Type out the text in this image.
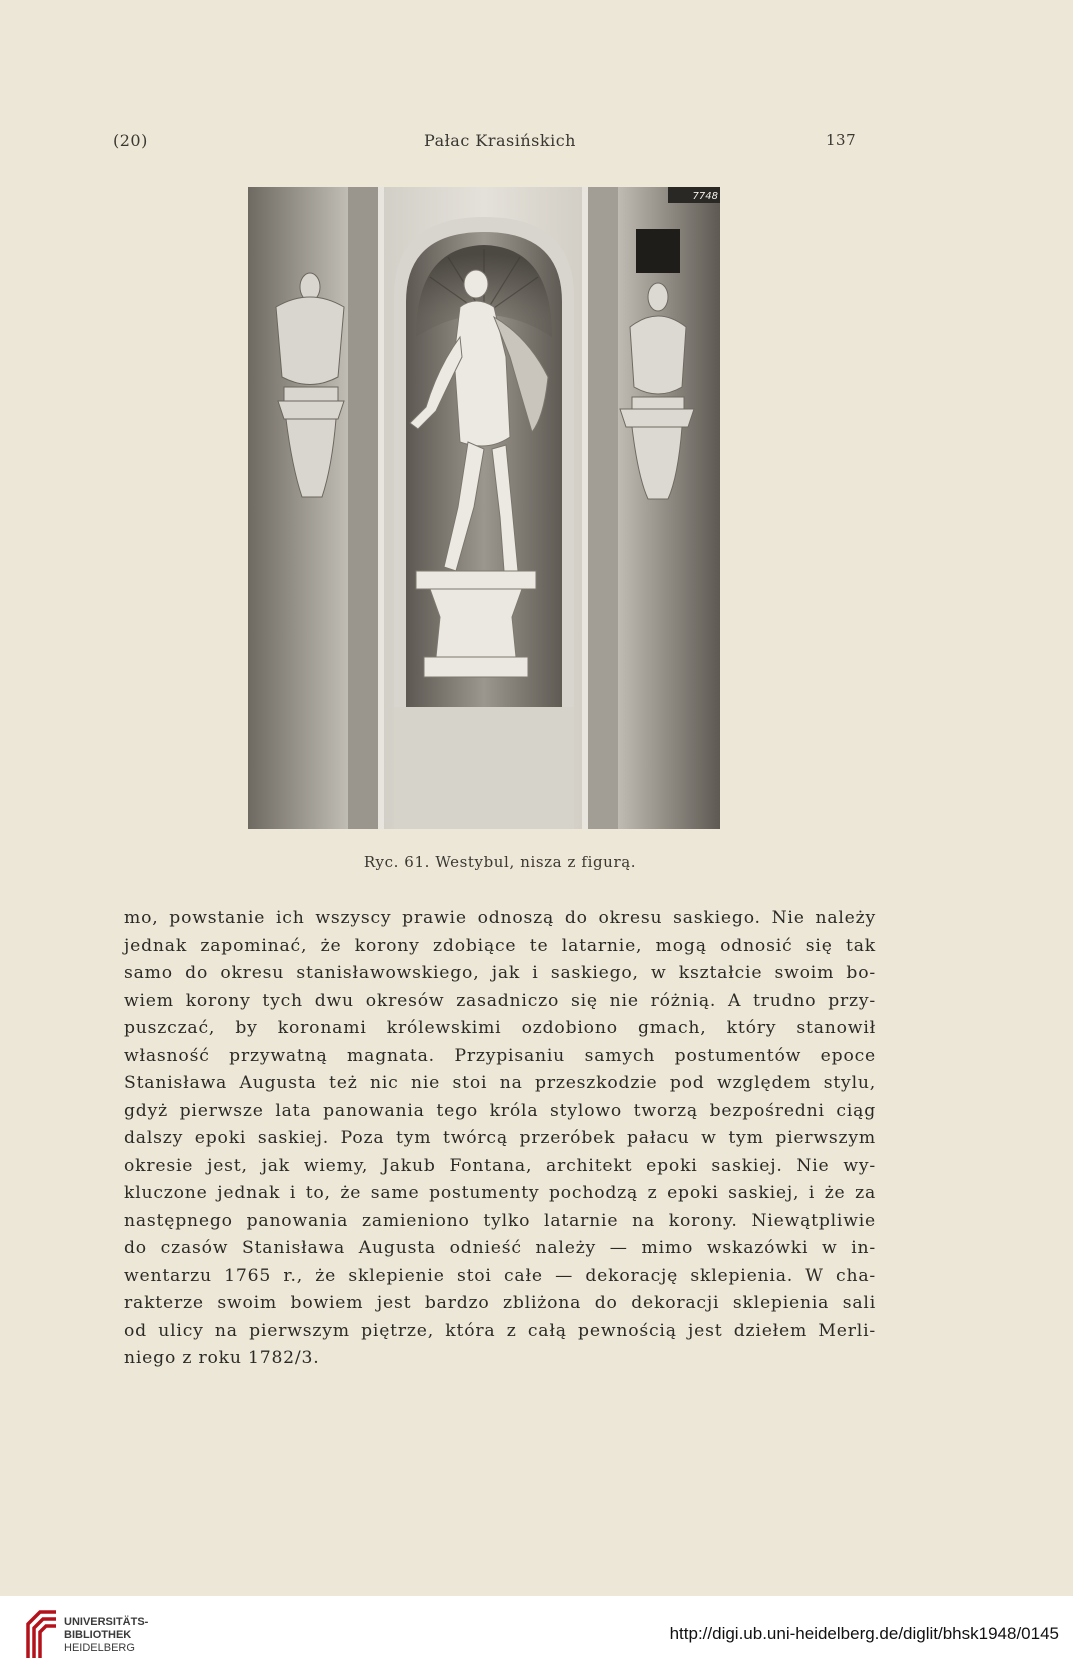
(20)	Pałac Krasińskich	137
7748
Ryc. 61. Westybul, nisza z figurą.
mo, powstanie ich wszyscy prawie odnoszą do okresu saskiego. Nie należy
jednak zapominać, że korony zdobiące te latarnie, mogą odnosić się tak
samo do okresu stanisławowskiego, jak i saskiego, w kształcie swoim bo-
wiem korony tych dwu okresów zasadniczo się nie różnią. A trudno przy-
puszczać, by koronami królewskimi ozdobiono gmach, który stanowił
własność przywatną magnata. Przypisaniu samych postumentów epoce
Stanisława Augusta też nic nie stoi na przeszkodzie pod względem stylu,
gdyż pierwsze lata panowania tego króla stylowo tworzą bezpośredni ciąg
dalszy epoki saskiej. Poza tym twórcą przeróbek pałacu w tym pierwszym
okresie jest, jak wiemy, Jakub Fontana, architekt epoki saskiej. Nie wy-
kluczone jednak i to, że same postumenty pochodzą z epoki saskiej, i że za
następnego panowania zamieniono tylko latarnie na korony. Niewątpliwie
do czasów Stanisława Augusta odnieść należy — mimo wskazówki w in-
wentarzu 1765 r., że sklepienie stoi całe — dekorację sklepienia. W cha-
rakterze swoim bowiem jest bardzo zbliżona do dekoracji sklepienia sali
od ulicy na pierwszym piętrze, która z całą pewnością jest dziełem Merli-
niego z roku 1782/3.
UNIVERSITÄTS-
BIBLIOTHEK
HEIDELBERG
http://digi.ub.uni-heidelberg.de/diglit/bhsk1948/0145
